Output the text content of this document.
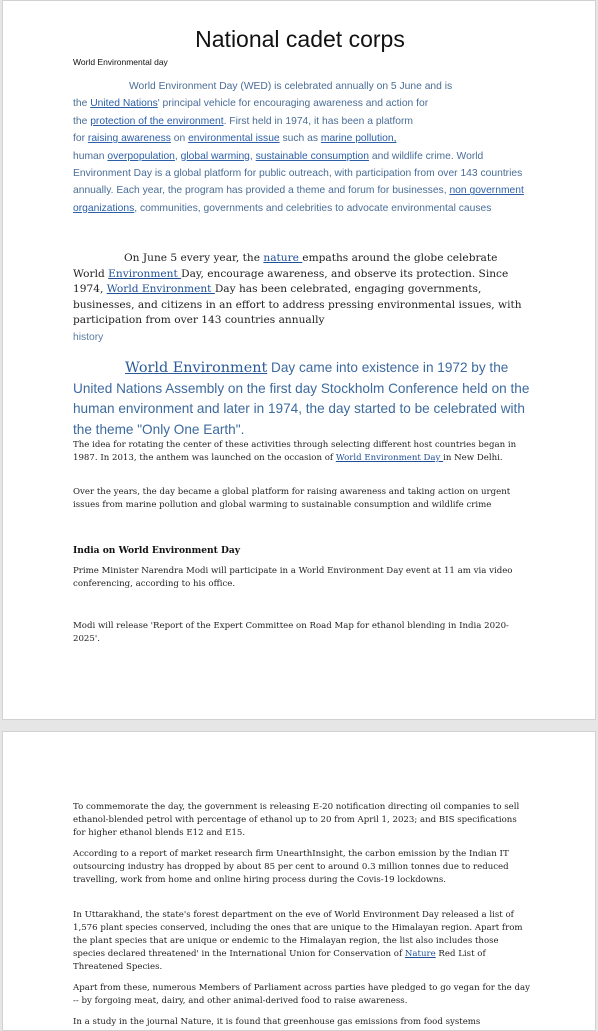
National cadet corps
World Environmental day

World Environment Day (WED) is celebrated annually on 5 June and is
the United Nations' principal vehicle for encouraging awareness and action for
the protection of the environment. First held in 1974, it has been a platform
for raising awareness on environmental issue such as marine pollution,
human overpopulation, global warming, sustainable consumption and wildlife crime. World Environment Day is a global platform for public outreach, with participation from over 143 countries annually. Each year, the program has provided a theme and forum for businesses, non government organizations, communities, governments and celebrities to advocate environmental causes

On June 5 every year, the nature empaths around the globe celebrate World Environment Day, encourage awareness, and observe its protection. Since 1974, World Environment Day has been celebrated, engaging governments, businesses, and citizens in an effort to address pressing environmental issues, with participation from over 143 countries annually

history

World Environment Day came into existence in 1972 by the United Nations Assembly on the first day Stockholm Conference held on the human environment and later in 1974, the day started to be celebrated with the theme "Only One Earth".

The idea for rotating the center of these activities through selecting different host countries began in 1987. In 2013, the anthem was launched on the occasion of World Environment Day in New Delhi.

Over the years, the day became a global platform for raising awareness and taking action on urgent issues from marine pollution and global warming to sustainable consumption and wildlife crime

India on World Environment Day

Prime Minister Narendra Modi will participate in a World Environment Day event at 11 am via video conferencing, according to his office.

Modi will release 'Report of the Expert Committee on Road Map for ethanol blending in India 2020-2025'.

To commemorate the day, the government is releasing E-20 notification directing oil companies to sell ethanol-blended petrol with percentage of ethanol up to 20 from April 1, 2023; and BIS specifications for higher ethanol blends E12 and E15.

According to a report of market research firm UnearthInsight, the carbon emission by the Indian IT outsourcing industry has dropped by about 85 per cent to around 0.3 million tonnes due to reduced travelling, work from home and online hiring process during the Covis-19 lockdowns.

In Uttarakhand, the state's forest department on the eve of World Environment Day released a list of 1,576 plant species conserved, including the ones that are unique to the Himalayan region. Apart from the plant species that are unique or endemic to the Himalayan region, the list also includes those species declared threatened' in the International Union for Conservation of Nature Red List of Threatened Species.

Apart from these, numerous Members of Parliament across parties have pledged to go vegan for the day -- by forgoing meat, dairy, and other animal-derived food to raise awareness.

In a study in the journal Nature, it is found that greenhouse gas emissions from food systems
